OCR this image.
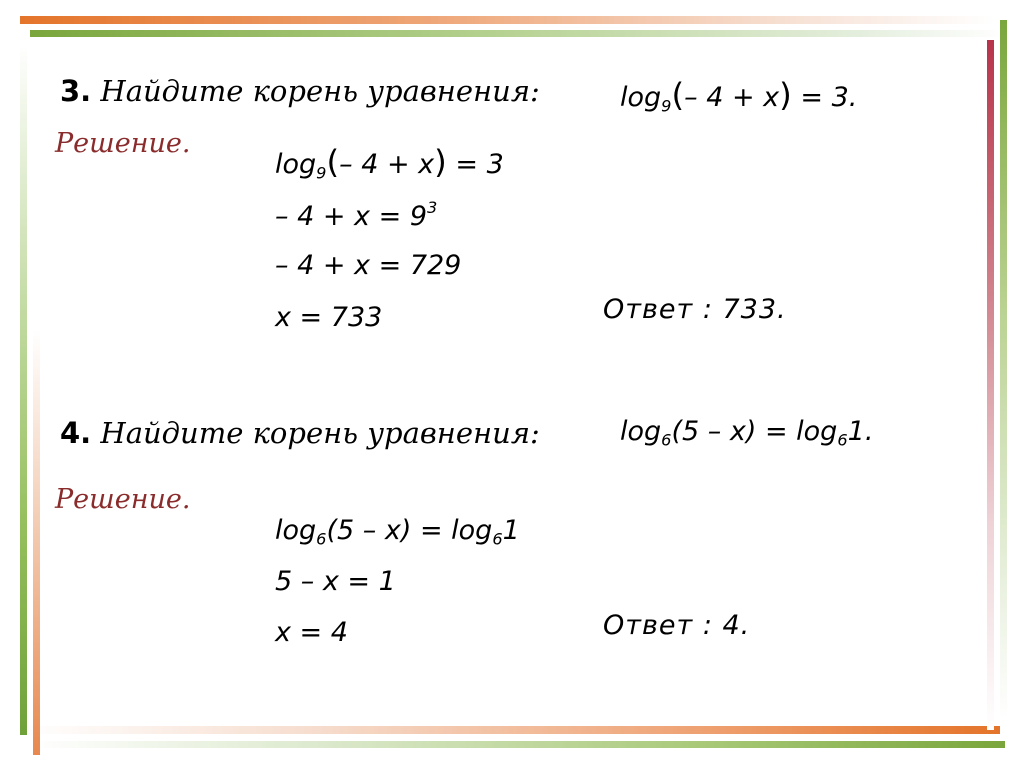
3. Найдите корень уравнения:	$\log_9(-$ 4 + x) = 3.
Решение.
$\log_9(-$ 4 + x) = 3
– $4 + x = 9^3$
– 4 + x = 729
x = 733	Ответ : 733.
4. Найдите корень уравнения:	$\log_6(5 - x) = \log_61$.
Решение.
$\log_6(5 - x) = \log_61$
5 – x = 1
x = 4	Ответ : 4.
